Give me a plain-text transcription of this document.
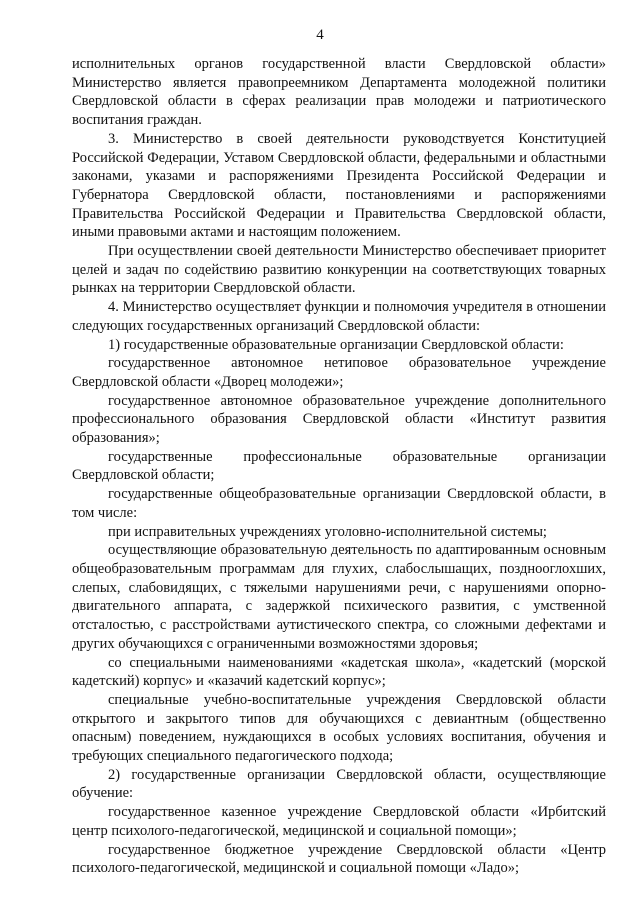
4

исполнительных органов государственной власти Свердловской области» Министерство является правопреемником Департамента молодежной политики Свердловской области в сферах реализации прав молодежи и патриотического воспитания граждан.

3. Министерство в своей деятельности руководствуется Конституцией Российской Федерации, Уставом Свердловской области, федеральными и областными законами, указами и распоряжениями Президента Российской Федерации и Губернатора Свердловской области, постановлениями и распоряжениями Правительства Российской Федерации и Правительства Свердловской области, иными правовыми актами и настоящим положением.

При осуществлении своей деятельности Министерство обеспечивает приоритет целей и задач по содействию развитию конкуренции на соответствующих товарных рынках на территории Свердловской области.

4. Министерство осуществляет функции и полномочия учредителя в отношении следующих государственных организаций Свердловской области:

1) государственные образовательные организации Свердловской области:

государственное автономное нетиповое образовательное учреждение Свердловской области «Дворец молодежи»;

государственное автономное образовательное учреждение дополнительного профессионального образования Свердловской области «Институт развития образования»;

государственные профессиональные образовательные организации Свердловской области;

государственные общеобразовательные организации Свердловской области, в том числе:

при исправительных учреждениях уголовно-исполнительной системы;

осуществляющие образовательную деятельность по адаптированным основным общеобразовательным программам для глухих, слабослышащих, позднооглохших, слепых, слабовидящих, с тяжелыми нарушениями речи, с нарушениями опорно-двигательного аппарата, с задержкой психического развития, с умственной отсталостью, с расстройствами аутистического спектра, со сложными дефектами и других обучающихся с ограниченными возможностями здоровья;

со специальными наименованиями «кадетская школа», «кадетский (морской кадетский) корпус» и «казачий кадетский корпус»;

специальные учебно-воспитательные учреждения Свердловской области открытого и закрытого типов для обучающихся с девиантным (общественно опасным) поведением, нуждающихся в особых условиях воспитания, обучения и требующих специального педагогического подхода;

2) государственные организации Свердловской области, осуществляющие обучение:

государственное казенное учреждение Свердловской области «Ирбитский центр психолого-педагогической, медицинской и социальной помощи»;

государственное бюджетное учреждение Свердловской области «Центр психолого-педагогической, медицинской и социальной помощи «Ладо»;
